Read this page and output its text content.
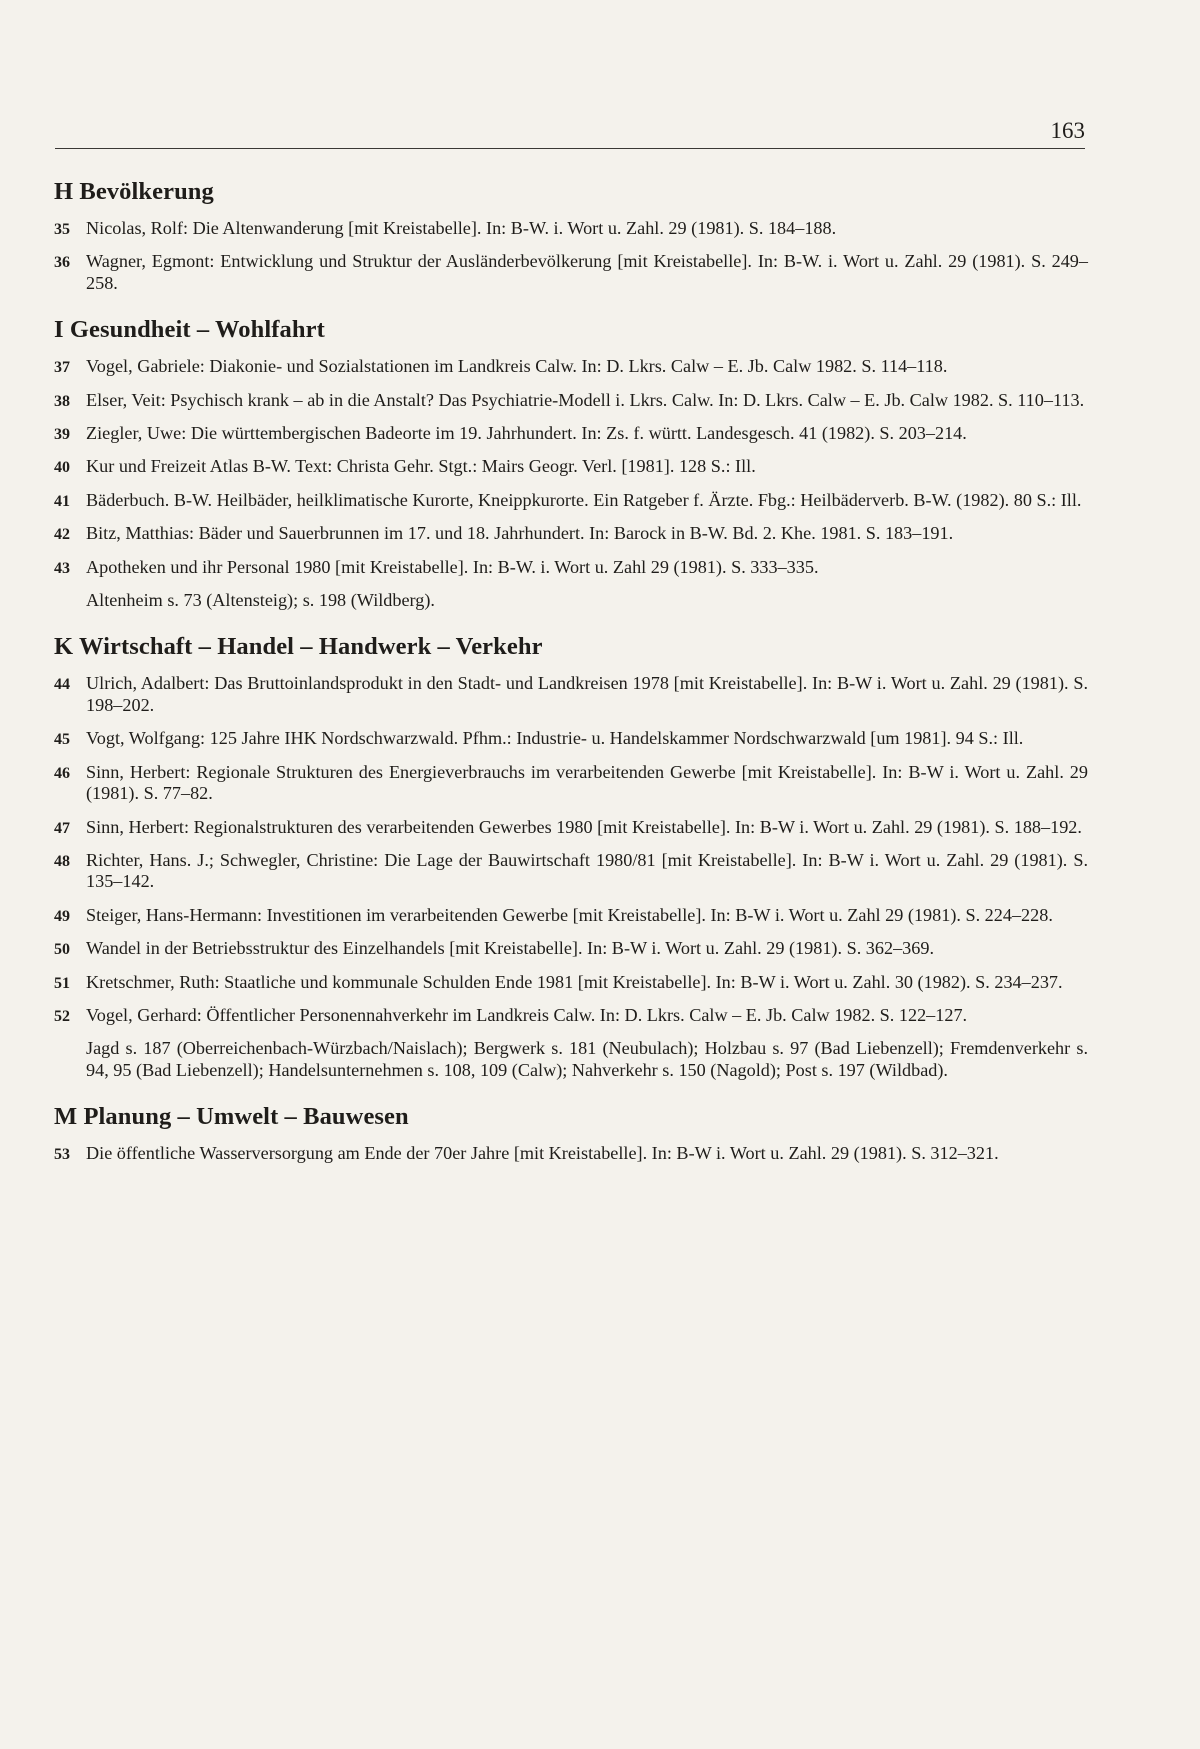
163
H Bevölkerung
35 Nicolas, Rolf: Die Altenwanderung [mit Kreistabelle]. In: B-W. i. Wort u. Zahl. 29 (1981). S. 184–188.
36 Wagner, Egmont: Entwicklung und Struktur der Ausländerbevölkerung [mit Kreistabelle]. In: B-W. i. Wort u. Zahl. 29 (1981). S. 249–258.
I Gesundheit – Wohlfahrt
37 Vogel, Gabriele: Diakonie- und Sozialstationen im Landkreis Calw. In: D. Lkrs. Calw – E. Jb. Calw 1982. S. 114–118.
38 Elser, Veit: Psychisch krank – ab in die Anstalt? Das Psychiatrie-Modell i. Lkrs. Calw. In: D. Lkrs. Calw – E. Jb. Calw 1982. S. 110–113.
39 Ziegler, Uwe: Die württembergischen Badeorte im 19. Jahrhundert. In: Zs. f. württ. Landesgesch. 41 (1982). S. 203–214.
40 Kur und Freizeit Atlas B-W. Text: Christa Gehr. Stgt.: Mairs Geogr. Verl. [1981]. 128 S.: Ill.
41 Bäderbuch. B-W. Heilbäder, heilklimatische Kurorte, Kneippkurorte. Ein Ratgeber f. Ärzte. Fbg.: Heilbäderverb. B-W. (1982). 80 S.: Ill.
42 Bitz, Matthias: Bäder und Sauerbrunnen im 17. und 18. Jahrhundert. In: Barock in B-W. Bd. 2. Khe. 1981. S. 183–191.
43 Apotheken und ihr Personal 1980 [mit Kreistabelle]. In: B-W. i. Wort u. Zahl 29 (1981). S. 333–335.
Altenheim s. 73 (Altensteig); s. 198 (Wildberg).
K Wirtschaft – Handel – Handwerk – Verkehr
44 Ulrich, Adalbert: Das Bruttoinlandsprodukt in den Stadt- und Landkreisen 1978 [mit Kreistabelle]. In: B-W i. Wort u. Zahl. 29 (1981). S. 198–202.
45 Vogt, Wolfgang: 125 Jahre IHK Nordschwarzwald. Pfhm.: Industrie- u. Handelskammer Nordschwarzwald [um 1981]. 94 S.: Ill.
46 Sinn, Herbert: Regionale Strukturen des Energieverbrauchs im verarbeitenden Gewerbe [mit Kreistabelle]. In: B-W i. Wort u. Zahl. 29 (1981). S. 77–82.
47 Sinn, Herbert: Regionalstrukturen des verarbeitenden Gewerbes 1980 [mit Kreistabelle]. In: B-W i. Wort u. Zahl. 29 (1981). S. 188–192.
48 Richter, Hans. J.; Schwegler, Christine: Die Lage der Bauwirtschaft 1980/81 [mit Kreistabelle]. In: B-W i. Wort u. Zahl. 29 (1981). S. 135–142.
49 Steiger, Hans-Hermann: Investitionen im verarbeitenden Gewerbe [mit Kreistabelle]. In: B-W i. Wort u. Zahl 29 (1981). S. 224–228.
50 Wandel in der Betriebsstruktur des Einzelhandels [mit Kreistabelle]. In: B-W i. Wort u. Zahl. 29 (1981). S. 362–369.
51 Kretschmer, Ruth: Staatliche und kommunale Schulden Ende 1981 [mit Kreistabelle]. In: B-W i. Wort u. Zahl. 30 (1982). S. 234–237.
52 Vogel, Gerhard: Öffentlicher Personennahverkehr im Landkreis Calw. In: D. Lkrs. Calw – E. Jb. Calw 1982. S. 122–127.
Jagd s. 187 (Oberreichenbach-Würzbach/Naislach); Bergwerk s. 181 (Neubulach); Holzbau s. 97 (Bad Liebenzell); Fremdenverkehr s. 94, 95 (Bad Liebenzell); Handelsunternehmen s. 108, 109 (Calw); Nahverkehr s. 150 (Nagold); Post s. 197 (Wildbad).
M Planung – Umwelt – Bauwesen
53 Die öffentliche Wasserversorgung am Ende der 70er Jahre [mit Kreistabelle]. In: B-W i. Wort u. Zahl. 29 (1981). S. 312–321.
